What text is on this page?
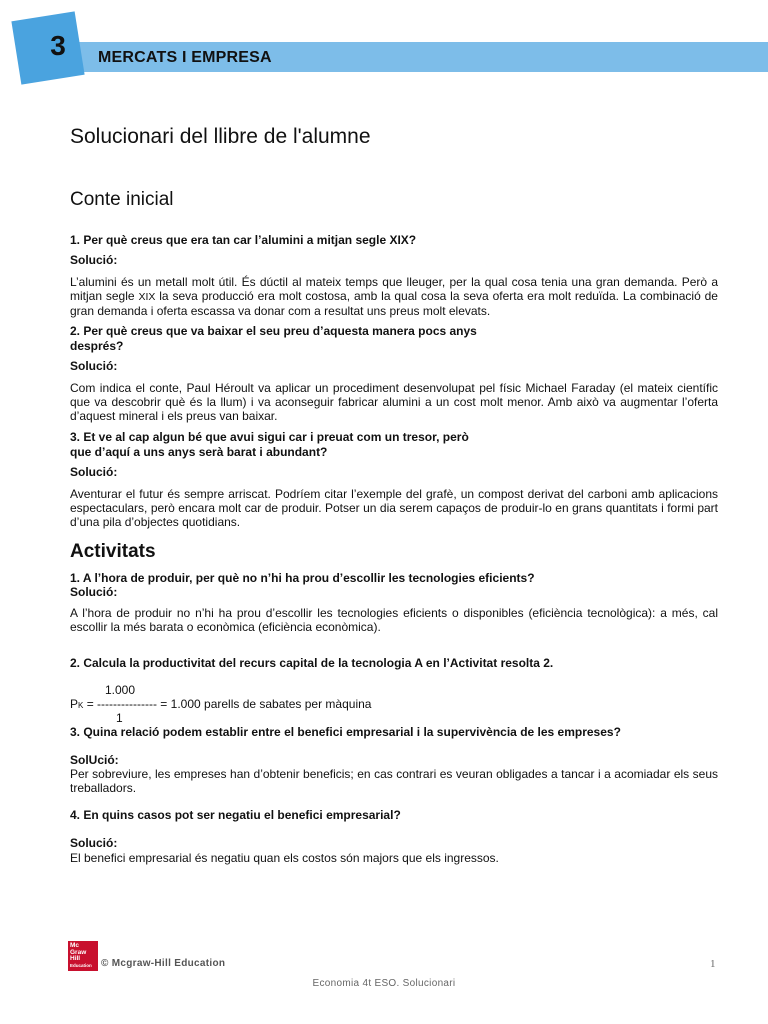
3	MERCATS I EMPRESA
Solucionari del llibre de l'alumne
Conte inicial
1. Per què creus que era tan car l’alumini a mitjan segle XIX?
Solució:
L’alumini és un metall molt útil. És dúctil al mateix temps que lleuger, per la qual cosa tenia una gran demanda. Però a mitjan segle XIX la seva producció era molt costosa, amb la qual cosa la seva oferta era molt reduïda. La combinació de gran demanda i oferta escassa va donar com a resultat uns preus molt elevats.
2. Per què creus que va baixar el seu preu d’aquesta manera pocs anys
després?
Solució:
Com indica el conte, Paul Héroult va aplicar un procediment desenvolupat pel físic Michael Faraday (el mateix científic que va descobrir què és la llum) i va aconseguir fabricar alumini a un cost molt menor. Amb això va augmentar l’oferta d’aquest mineral i els preus van baixar.
3. Et ve al cap algun bé que avui sigui car i preuat com un tresor, però
que d’aquí a uns anys serà barat i abundant?
Solució:
Aventurar el futur és sempre arriscat. Podríem citar l’exemple del grafè, un compost derivat del carboni amb aplicacions espectaculars, però encara molt car de produir. Potser un dia serem capaços de produir-lo en grans quantitats i formi part d’una pila d’objectes quotidians.
Activitats
1. A l’hora de produir, per què no n’hi ha prou d’escollir les tecnologies eficients?
Solució:
A l’hora de produir no n’hi ha prou d’escollir les tecnologies eficients o disponibles (eficiència tecnològica): a més, cal escollir la més barata o econòmica (eficiència econòmica).
2. Calcula la productivitat del recurs capital de la tecnologia A en l’Activitat resolta 2.
1.000
PK = --------------- = 1.000 parells de sabates per màquina
1
3. Quina relació podem establir entre el benefici empresarial i la supervivència de les empreses?
SolUció:
Per sobreviure, les empreses han d’obtenir beneficis; en cas contrari es veuran obligades a tancar i a acomiadar els seus treballadors.
4. En quins casos pot ser negatiu el benefici empresarial?
Solució:
El benefici empresarial és negatiu quan els costos són majors que els ingressos.
Mc
Graw
Hill
Education © Mcgraw-Hill Education	1
Economia 4t ESO. Solucionari
